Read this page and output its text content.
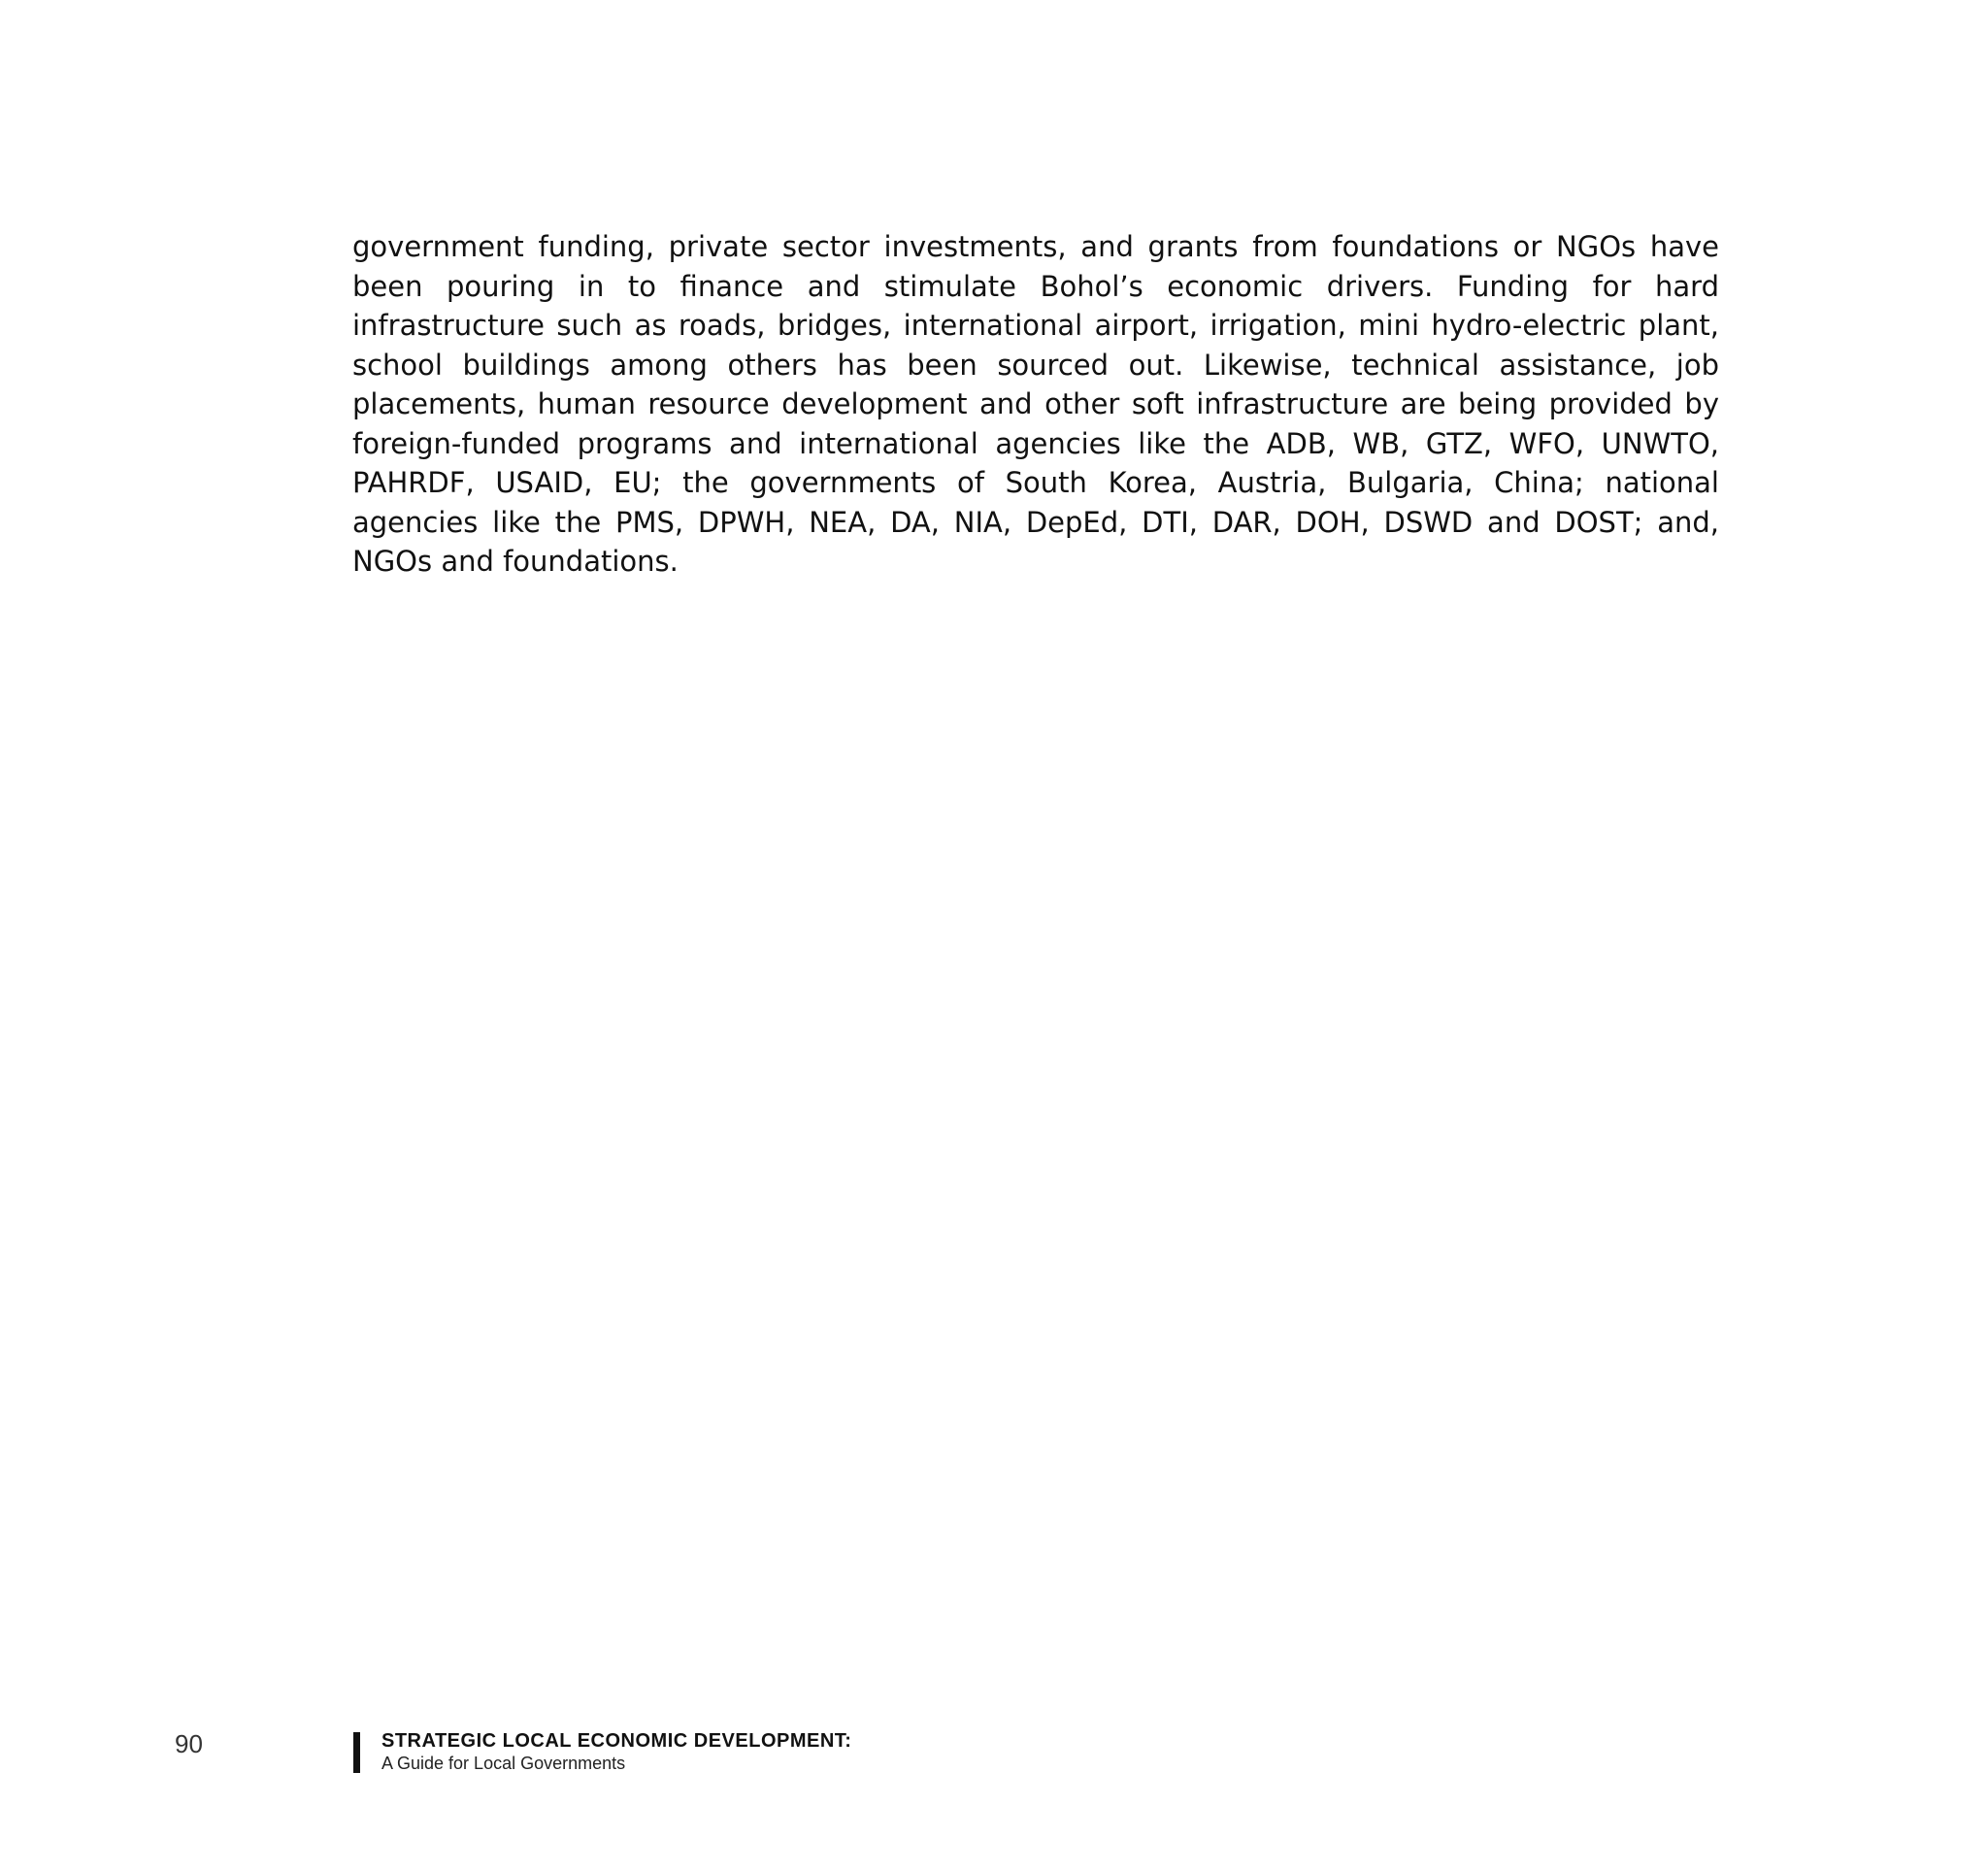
government funding, private sector investments, and grants from foundations or NGOs have been pouring in to finance and stimulate Bohol’s economic drivers. Funding for hard infrastructure such as roads, bridges, international airport, irrigation, mini hydro-electric plant, school buildings among others has been sourced out. Likewise, technical assistance, job placements, human resource development and other soft infrastructure are being provided by foreign-funded programs and international agencies like the ADB, WB, GTZ, WFO, UNWTO, PAHRDF, USAID, EU; the governments of South Korea, Austria, Bulgaria, China; national agencies like the PMS, DPWH, NEA, DA, NIA, DepEd, DTI, DAR, DOH, DSWD and DOST; and, NGOs and foundations.

90	STRATEGIC LOCAL ECONOMIC DEVELOPMENT:
A Guide for Local Governments
